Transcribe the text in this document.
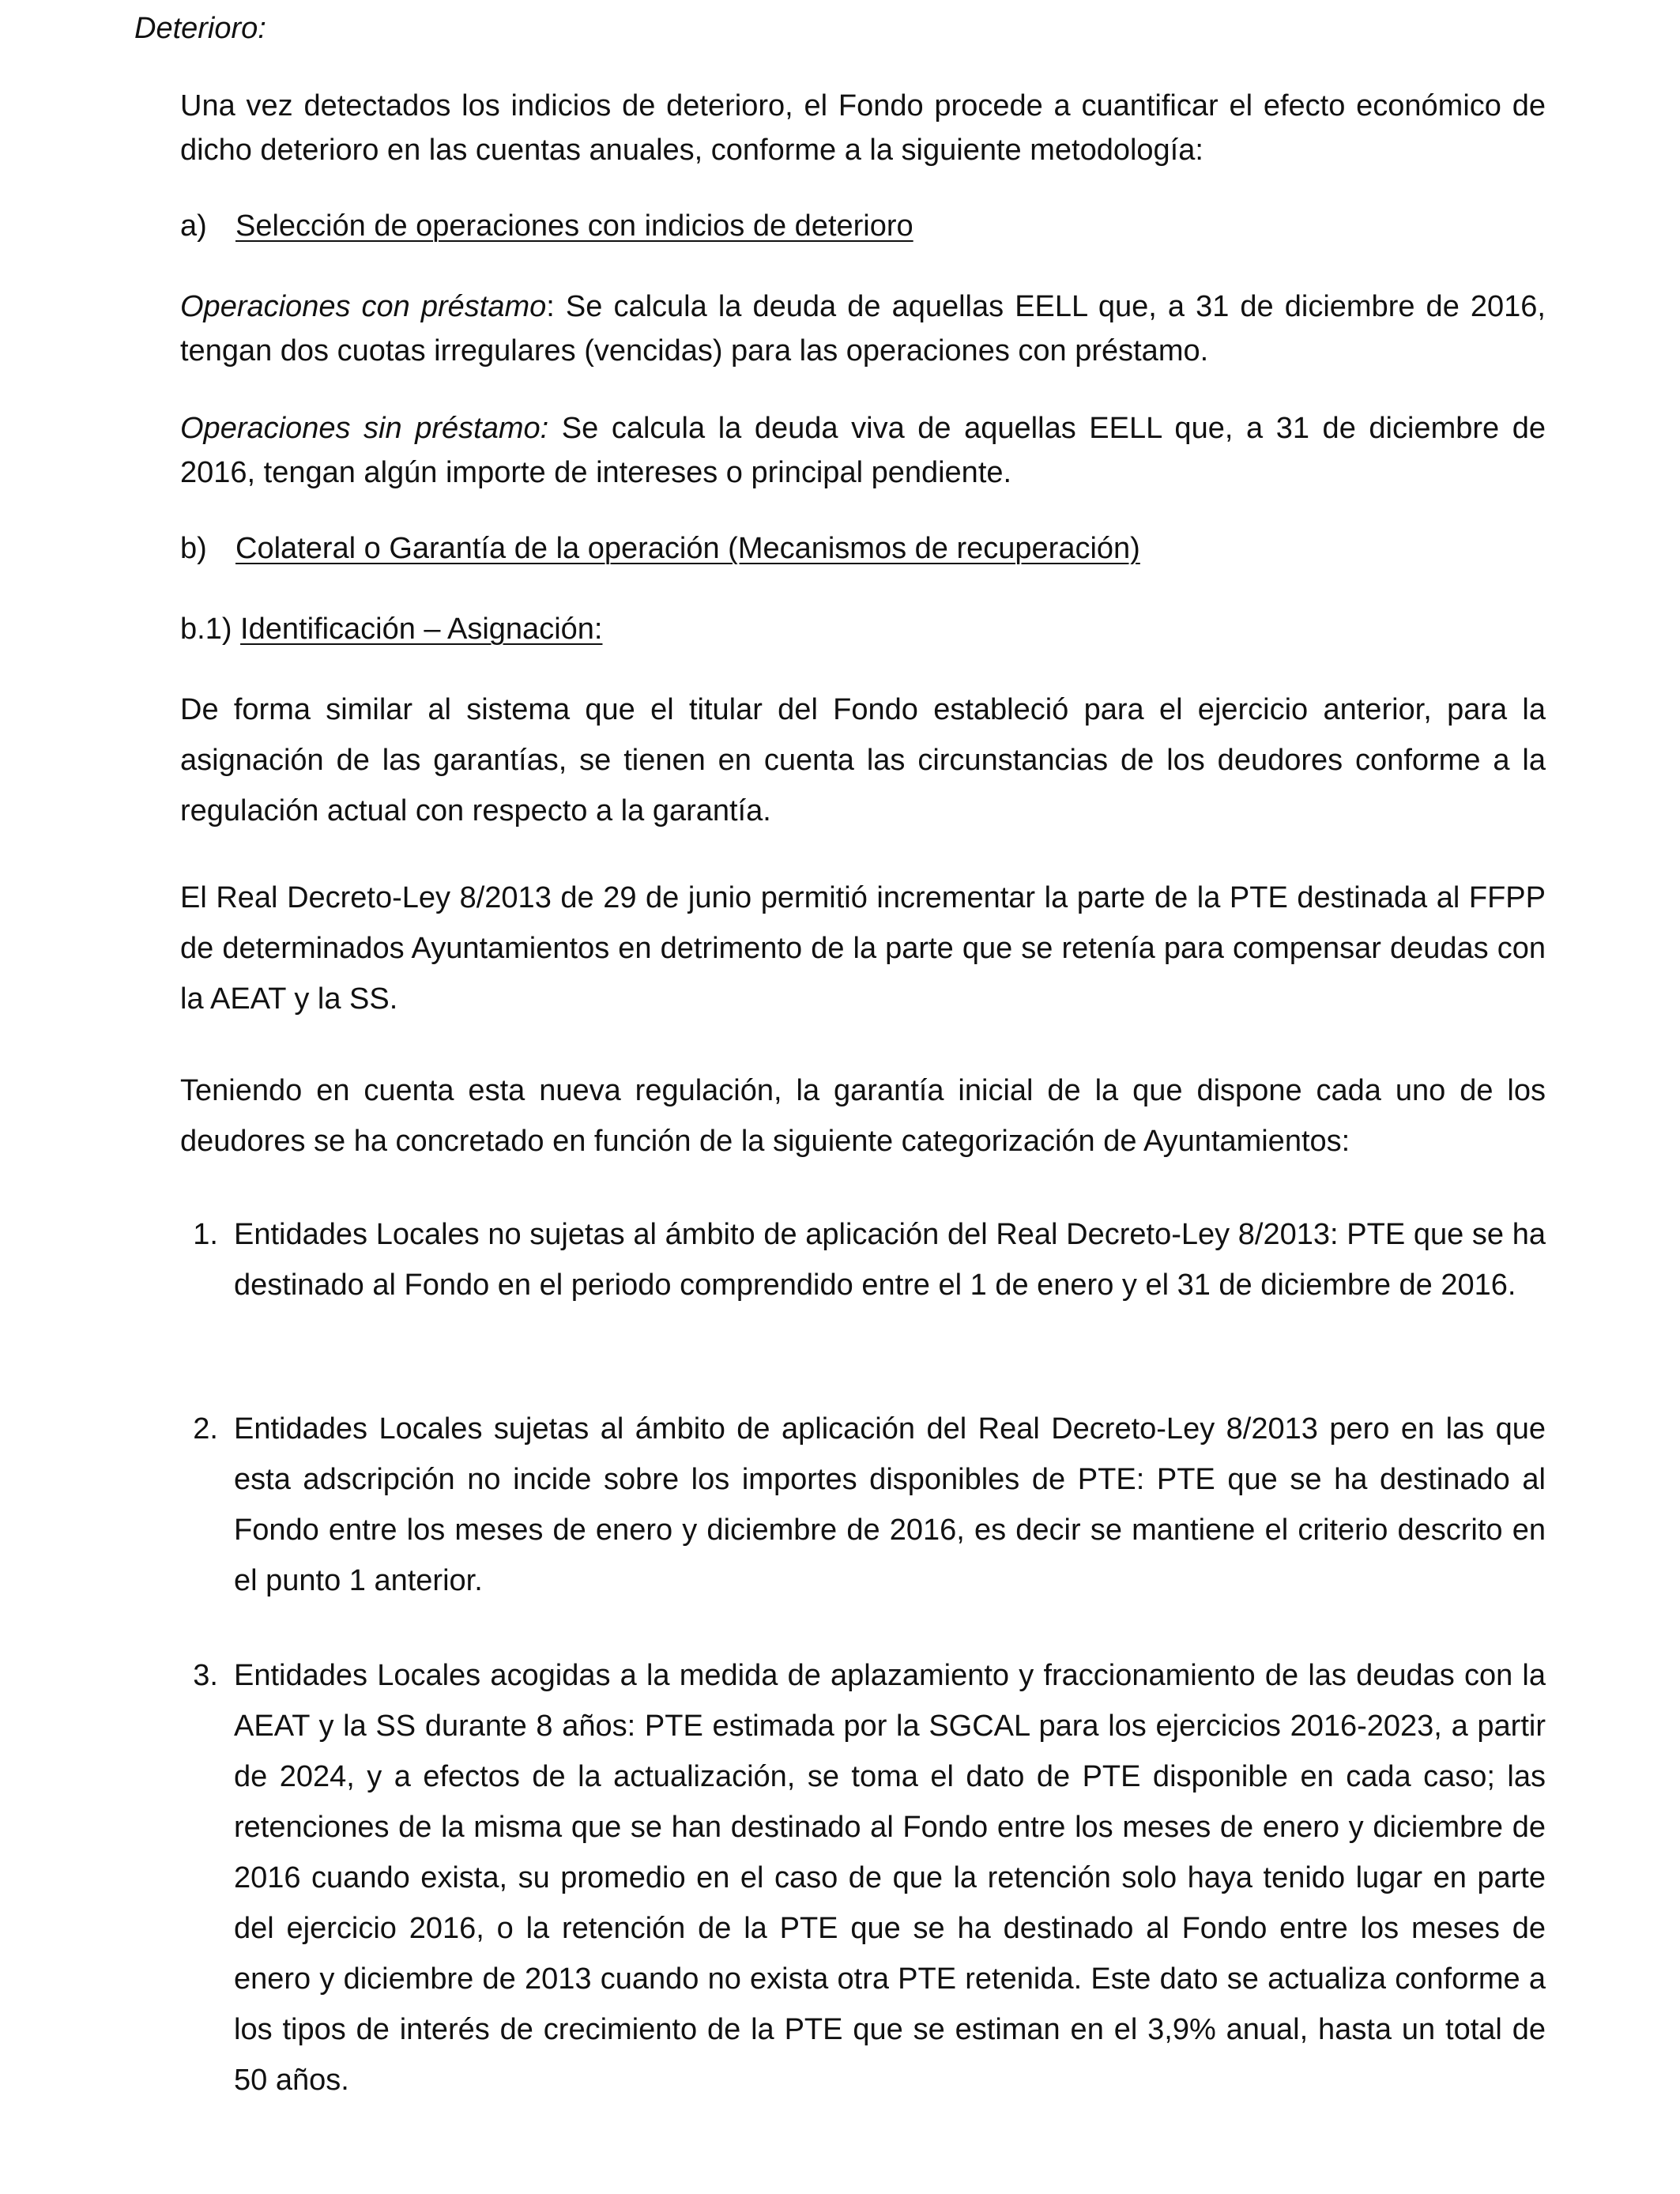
Deterioro:
Una vez detectados los indicios de deterioro, el Fondo procede a cuantificar el efecto económico de dicho deterioro en las cuentas anuales, conforme a la siguiente metodología:
a) Selección de operaciones con indicios de deterioro
Operaciones con préstamo: Se calcula la deuda de aquellas EELL que, a 31 de diciembre de 2016, tengan dos cuotas irregulares (vencidas) para las operaciones con préstamo.
Operaciones sin préstamo: Se calcula la deuda viva de aquellas EELL que, a 31 de diciembre de 2016, tengan algún importe de intereses o principal pendiente.
b) Colateral o Garantía de la operación (Mecanismos de recuperación)
b.1) Identificación – Asignación:
De forma similar al sistema que el titular del Fondo estableció para el ejercicio anterior, para la asignación de las garantías, se tienen en cuenta las circunstancias de los deudores conforme a la regulación actual con respecto a la garantía.
El Real Decreto-Ley 8/2013 de 29 de junio permitió incrementar la parte de la PTE destinada al FFPP de determinados Ayuntamientos en detrimento de la parte que se retenía para compensar deudas con la AEAT y la SS.
Teniendo en cuenta esta nueva regulación, la garantía inicial de la que dispone cada uno de los deudores se ha concretado en función de la siguiente categorización de Ayuntamientos:
1. Entidades Locales no sujetas al ámbito de aplicación del Real Decreto-Ley 8/2013: PTE que se ha destinado al Fondo en el periodo comprendido entre el 1 de enero y el 31 de diciembre de 2016.
2. Entidades Locales sujetas al ámbito de aplicación del Real Decreto-Ley 8/2013 pero en las que esta adscripción no incide sobre los importes disponibles de PTE: PTE que se ha destinado al Fondo entre los meses de enero y diciembre de 2016, es decir se mantiene el criterio descrito en el punto 1 anterior.
3. Entidades Locales acogidas a la medida de aplazamiento y fraccionamiento de las deudas con la AEAT y la SS durante 8 años: PTE estimada por la SGCAL para los ejercicios 2016-2023, a partir de 2024, y a efectos de la actualización, se toma el dato de PTE disponible en cada caso; las retenciones de la misma que se han destinado al Fondo entre los meses de enero y diciembre de 2016 cuando exista, su promedio en el caso de que la retención solo haya tenido lugar en parte del ejercicio 2016, o la retención de la PTE que se ha destinado al Fondo entre los meses de enero y diciembre de 2013 cuando no exista otra PTE retenida. Este dato se actualiza conforme a los tipos de interés de crecimiento de la PTE que se estiman en el 3,9% anual, hasta un total de 50 años.
